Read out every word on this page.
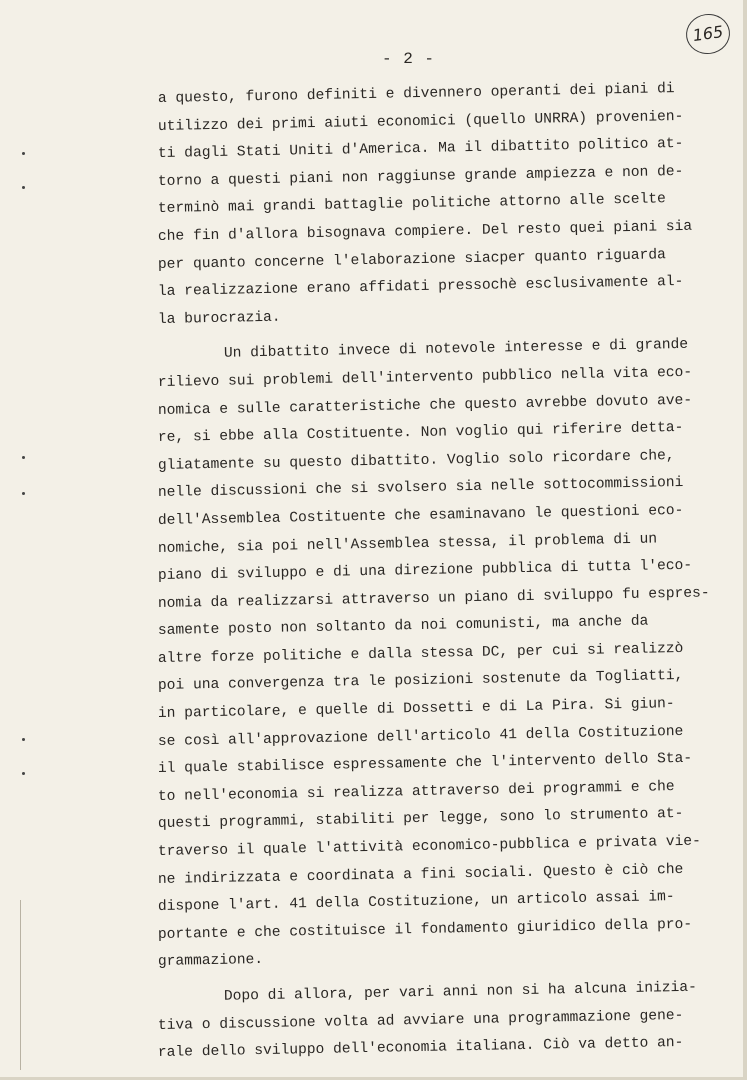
165
- 2 -
a questo, furono definiti e divennero operanti dei piani di
utilizzo dei primi aiuti economici (quello UNRRA) provenien-
ti dagli Stati Uniti d'America. Ma il dibattito politico at-
torno a questi piani non raggiunse grande ampiezza e non de-
terminò mai grandi battaglie politiche attorno alle scelte
che fin d'allora bisognava compiere. Del resto quei piani sia
per quanto concerne l'elaborazione siacper quanto riguarda
la realizzazione erano affidati pressochè esclusivamente al-
la burocrazia.
Un dibattito invece di notevole interesse e di grande
rilievo sui problemi dell'intervento pubblico nella vita eco-
nomica e sulle caratteristiche che questo avrebbe dovuto ave-
re, si ebbe alla Costituente. Non voglio qui riferire detta-
gliatamente su questo dibattito. Voglio solo ricordare che,
nelle discussioni che si svolsero sia nelle sottocommissioni
dell'Assemblea Costituente che esaminavano le questioni eco-
nomiche, sia poi nell'Assemblea stessa, il problema di un
piano di sviluppo e di una direzione pubblica di tutta l'eco-
nomia da realizzarsi attraverso un piano di sviluppo fu espres-
samente posto non soltanto da noi comunisti, ma anche da
altre forze politiche e dalla stessa DC, per cui si realizzò
poi una convergenza tra le posizioni sostenute da Togliatti,
in particolare, e quelle di Dossetti e di La Pira. Si giun-
se così all'approvazione dell'articolo 41 della Costituzione
il quale stabilisce espressamente che l'intervento dello Sta-
to nell'economia si realizza attraverso dei programmi e che
questi programmi, stabiliti per legge, sono lo strumento at-
traverso il quale l'attività economico-pubblica e privata vie-
ne indirizzata e coordinata a fini sociali. Questo è ciò che
dispone l'art. 41 della Costituzione, un articolo assai im-
portante e che costituisce il fondamento giuridico della pro-
grammazione.
Dopo di allora, per vari anni non si ha alcuna inizia-
tiva o discussione volta ad avviare una programmazione gene-
rale dello sviluppo dell'economia italiana. Ciò va detto an-
